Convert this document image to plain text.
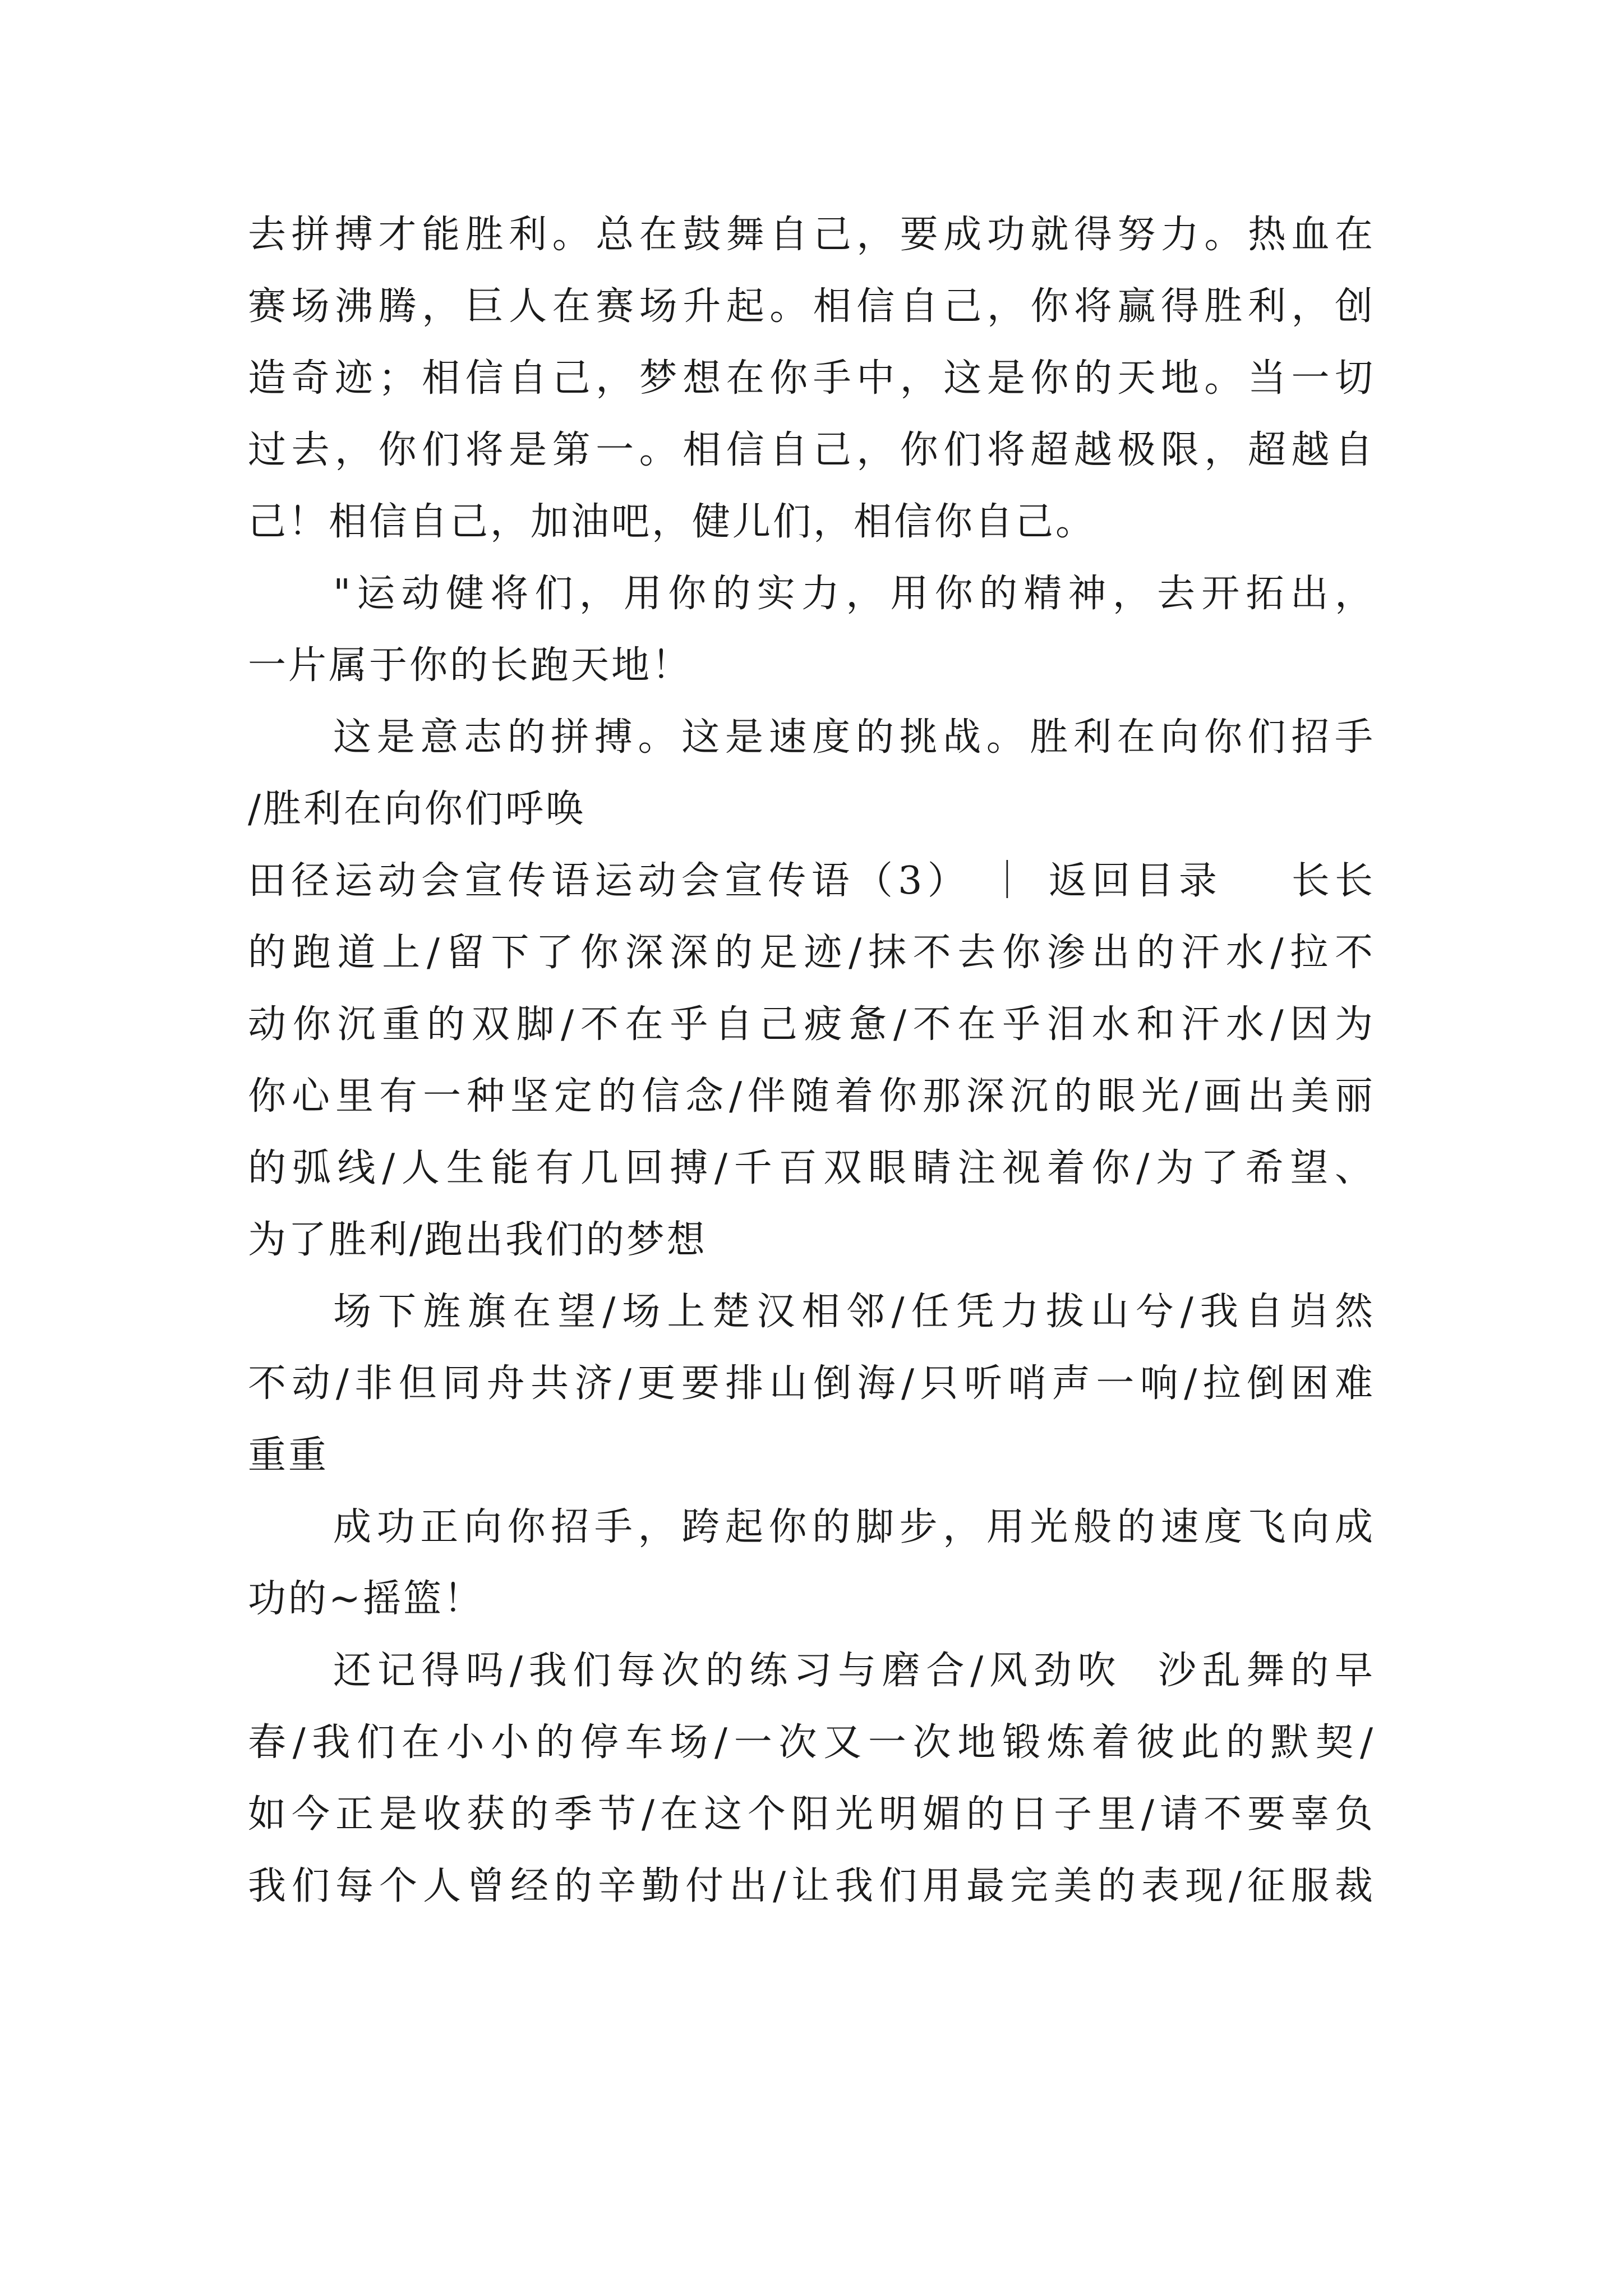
去拼搏才能胜利。总在鼓舞自己，要成功就得努力。热血在
赛场沸腾，巨人在赛场升起。相信自己，你将赢得胜利，创
造奇迹；相信自己，梦想在你手中，这是你的天地。当一切
过去，你们将是第一。相信自己，你们将超越极限，超越自
己！相信自己，加油吧，健儿们，相信你自己。
"运动健将们，用你的实力，用你的精神，去开拓出，
一片属于你的长跑天地！
这是意志的拼搏。这是速度的挑战。胜利在向你们招手
/胜利在向你们呼唤
田径运动会宣传语运动会宣传语（3） ｜ 返回目录    长长
的跑道上/留下了你深深的足迹/抹不去你渗出的汗水/拉不
动你沉重的双脚/不在乎自己疲惫/不在乎泪水和汗水/因为
你心里有一种坚定的信念/伴随着你那深沉的眼光/画出美丽
的弧线/人生能有几回搏/千百双眼睛注视着你/为了希望、
为了胜利/跑出我们的梦想
场下旌旗在望/场上楚汉相邻/任凭力拔山兮/我自岿然
不动/非但同舟共济/更要排山倒海/只听哨声一响/拉倒困难
重重
成功正向你招手，跨起你的脚步，用光般的速度飞向成
功的~摇篮！
还记得吗/我们每次的练习与磨合/风劲吹  沙乱舞的早
春/我们在小小的停车场/一次又一次地锻炼着彼此的默契/
如今正是收获的季节/在这个阳光明媚的日子里/请不要辜负
我们每个人曾经的辛勤付出/让我们用最完美的表现/征服裁
